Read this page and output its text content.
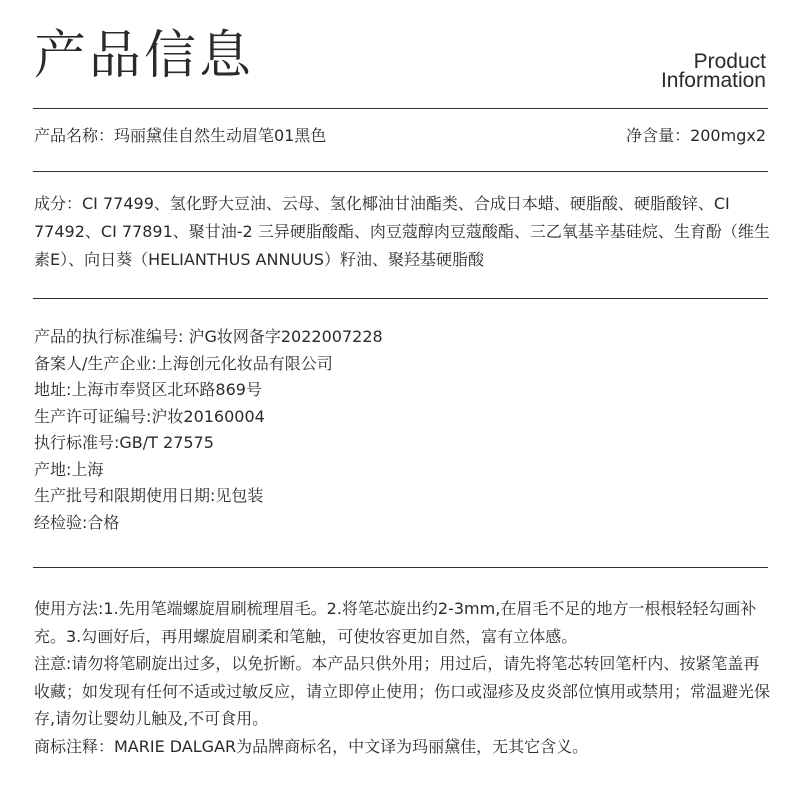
产品信息	Product
Information
产品名称：玛丽黛佳自然生动眉笔01黑色	净含量：200mgx2
成分：CI 77499、氢化野大豆油、云母、氢化椰油甘油酯类、合成日本蜡、硬脂酸、硬脂酸锌、CI 77492、CI 77891、聚甘油-2 三异硬脂酸酯、肉豆蔻醇肉豆蔻酸酯、三乙氧基辛基硅烷、生育酚（维生素E）、向日葵（HELIANTHUS ANNUUS）籽油、聚羟基硬脂酸
产品的执行标准编号: 沪G妆网备字2022007228
备案人/生产企业:上海创元化妆品有限公司
地址:上海市奉贤区北环路869号
生产许可证编号:沪妆20160004
执行标准号:GB/T 27575
产地:上海
生产批号和限期使用日期:见包装
经检验:合格

使用方法:1.先用笔端螺旋眉刷梳理眉毛。2.将笔芯旋出约2-3mm,在眉毛不足的地方一根根轻轻勾画补充。3.勾画好后，再用螺旋眉刷柔和笔触，可使妆容更加自然，富有立体感。

注意:请勿将笔刷旋出过多，以免折断。本产品只供外用；用过后，请先将笔芯转回笔杆内、按紧笔盖再收藏；如发现有任何不适或过敏反应，请立即停止使用；伤口或湿疹及皮炎部位慎用或禁用；常温避光保存,请勿让婴幼儿触及,不可食用。

商标注释：MARIE DALGAR为品牌商标名，中文译为玛丽黛佳，无其它含义。
